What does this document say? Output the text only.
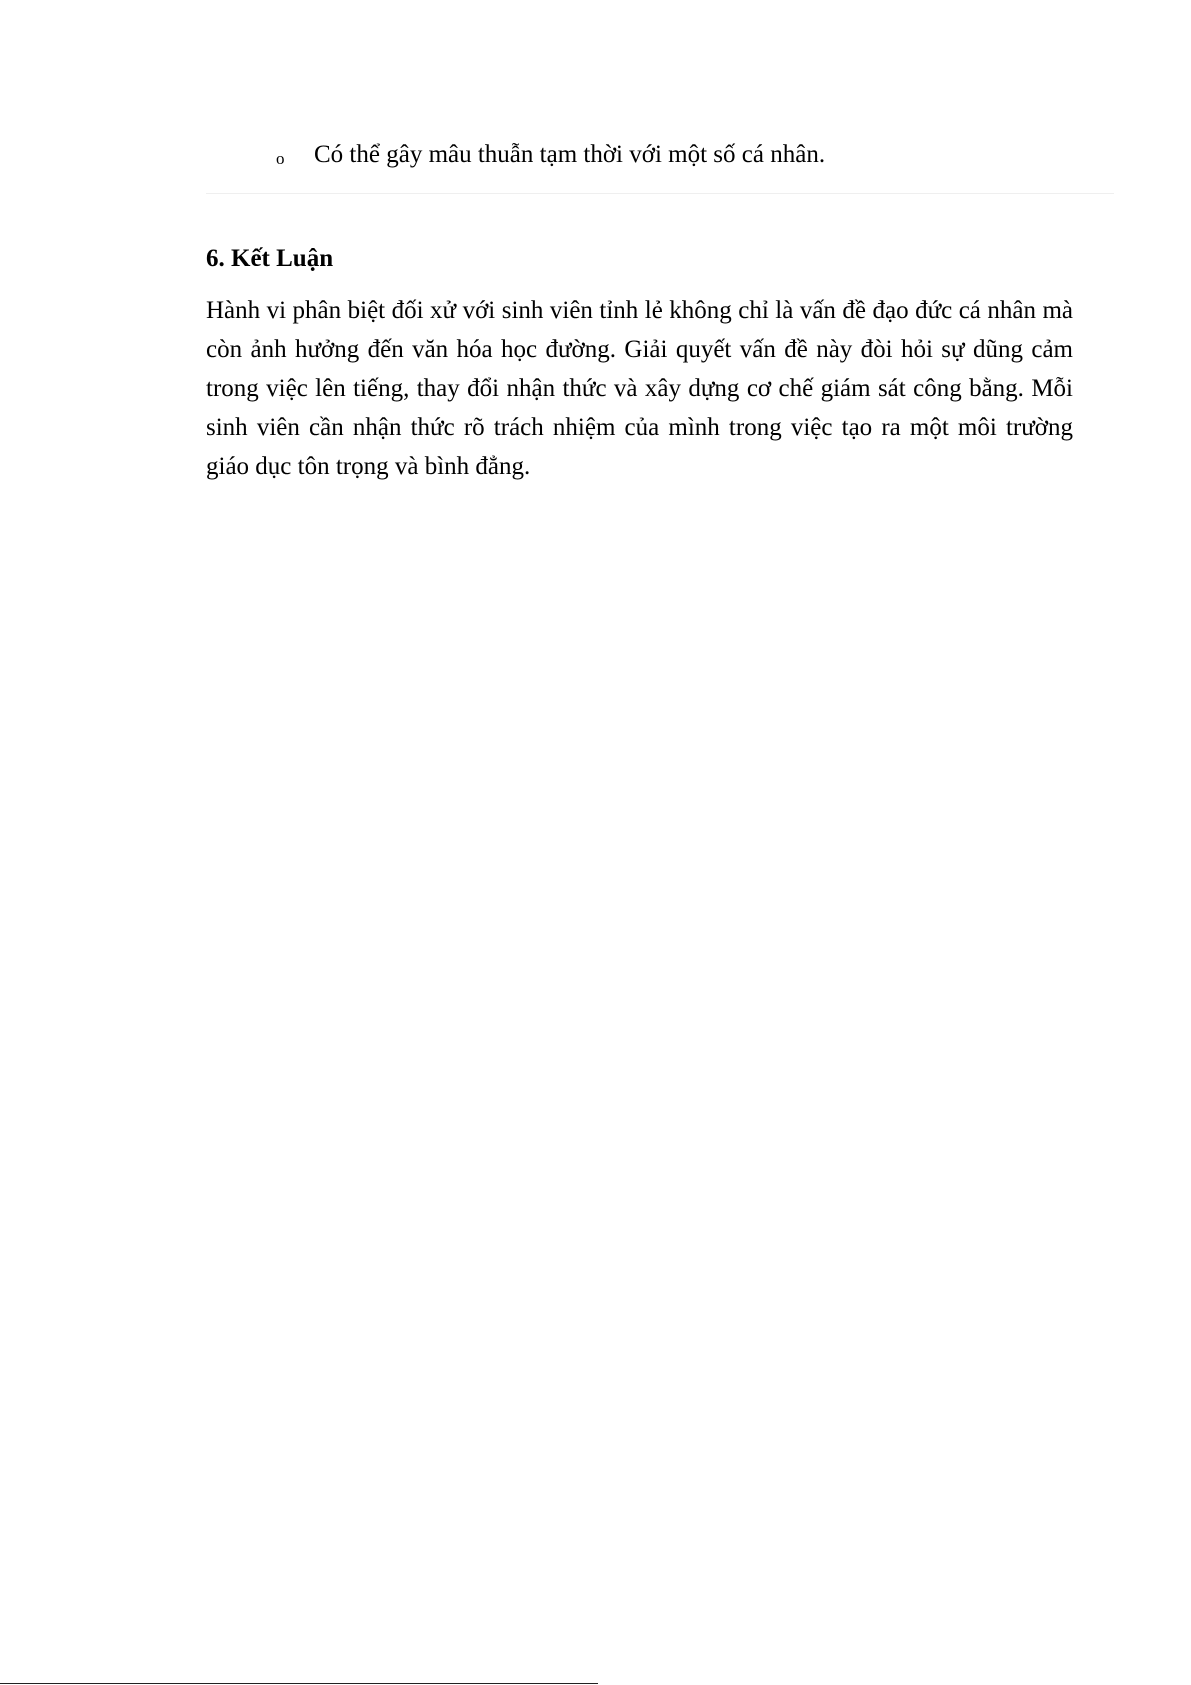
o	Có thể gây mâu thuẫn tạm thời với một số cá nhân.
6. Kết Luận

Hành vi phân biệt đối xử với sinh viên tỉnh lẻ không chỉ là vấn đề đạo đức cá nhân mà còn ảnh hưởng đến văn hóa học đường. Giải quyết vấn đề này đòi hỏi sự dũng cảm trong việc lên tiếng, thay đổi nhận thức và xây dựng cơ chế giám sát công bằng. Mỗi sinh viên cần nhận thức rõ trách nhiệm của mình trong việc tạo ra một môi trường giáo dục tôn trọng và bình đẳng.
